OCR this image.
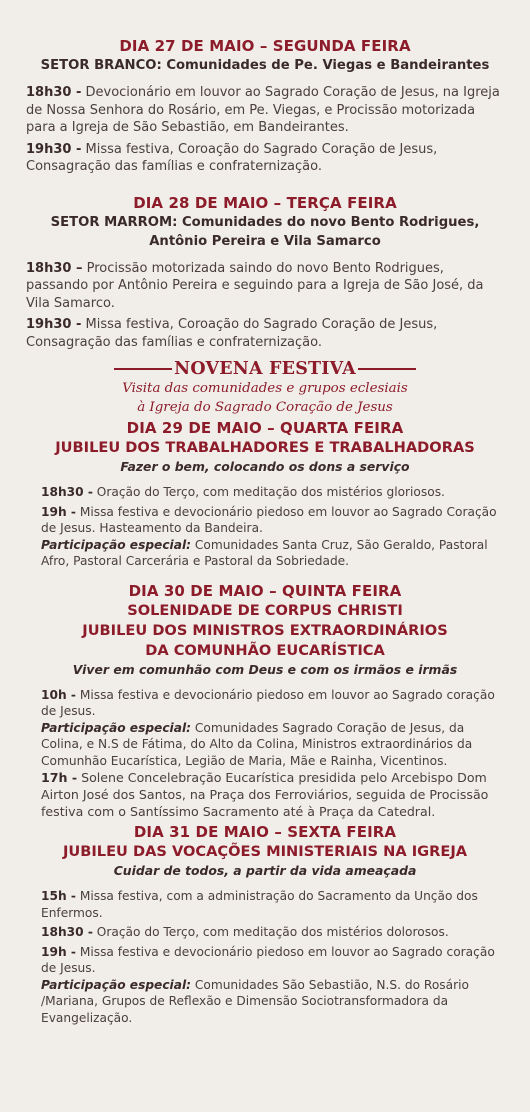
DIA 27 DE MAIO – SEGUNDA FEIRA
SETOR BRANCO: Comunidades de Pe. Viegas e Bandeirantes

18h30 - Devocionário em louvor ao Sagrado Coração de Jesus, na Igreja de Nossa Senhora do Rosário, em Pe. Viegas, e Procissão motorizada para a Igreja de São Sebastião, em Bandeirantes.

19h30 - Missa festiva, Coroação do Sagrado Coração de Jesus, Consagração das famílias e confraternização.

DIA 28 DE MAIO – TERÇA FEIRA
SETOR MARROM: Comunidades do novo Bento Rodrigues,
Antônio Pereira e Vila Samarco

18h30 – Procissão motorizada saindo do novo Bento Rodrigues, passando por Antônio Pereira e seguindo para a Igreja de São José, da Vila Samarco.

19h30 - Missa festiva, Coroação do Sagrado Coração de Jesus, Consagração das famílias e confraternização.

NOVENA FESTIVA
Visita das comunidades e grupos eclesiais
à Igreja do Sagrado Coração de Jesus
DIA 29 DE MAIO – QUARTA FEIRA
JUBILEU DOS TRABALHADORES E TRABALHADORAS
Fazer o bem, colocando os dons a serviço

18h30 - Oração do Terço, com meditação dos mistérios gloriosos.

19h - Missa festiva e devocionário piedoso em louvor ao Sagrado Coração de Jesus. Hasteamento da Bandeira.

Participação especial: Comunidades Santa Cruz, São Geraldo, Pastoral Afro, Pastoral Carcerária e Pastoral da Sobriedade.

DIA 30 DE MAIO – QUINTA FEIRA
SOLENIDADE DE CORPUS CHRISTI
JUBILEU DOS MINISTROS EXTRAORDINÁRIOS
DA COMUNHÃO EUCARÍSTICA
Viver em comunhão com Deus e com os irmãos e irmãs

10h - Missa festiva e devocionário piedoso em louvor ao Sagrado coração de Jesus.

Participação especial: Comunidades Sagrado Coração de Jesus, da Colina, e N.S de Fátima, do Alto da Colina, Ministros extraordinários da Comunhão Eucarística, Legião de Maria, Mãe e Rainha, Vicentinos.

17h - Solene Concelebração Eucarística presidida pelo Arcebispo Dom Airton José dos Santos, na Praça dos Ferroviários, seguida de Procissão festiva com o Santíssimo Sacramento até à Praça da Catedral.

DIA 31 DE MAIO – SEXTA FEIRA
JUBILEU DAS VOCAÇÕES MINISTERIAIS NA IGREJA
Cuidar de todos, a partir da vida ameaçada

15h - Missa festiva, com a administração do Sacramento da Unção dos Enfermos.

18h30 - Oração do Terço, com meditação dos mistérios dolorosos.

19h - Missa festiva e devocionário piedoso em louvor ao Sagrado coração de Jesus.

Participação especial: Comunidades São Sebastião, N.S. do Rosário /Mariana, Grupos de Reflexão e Dimensão Sociotransformadora da Evangelização.
